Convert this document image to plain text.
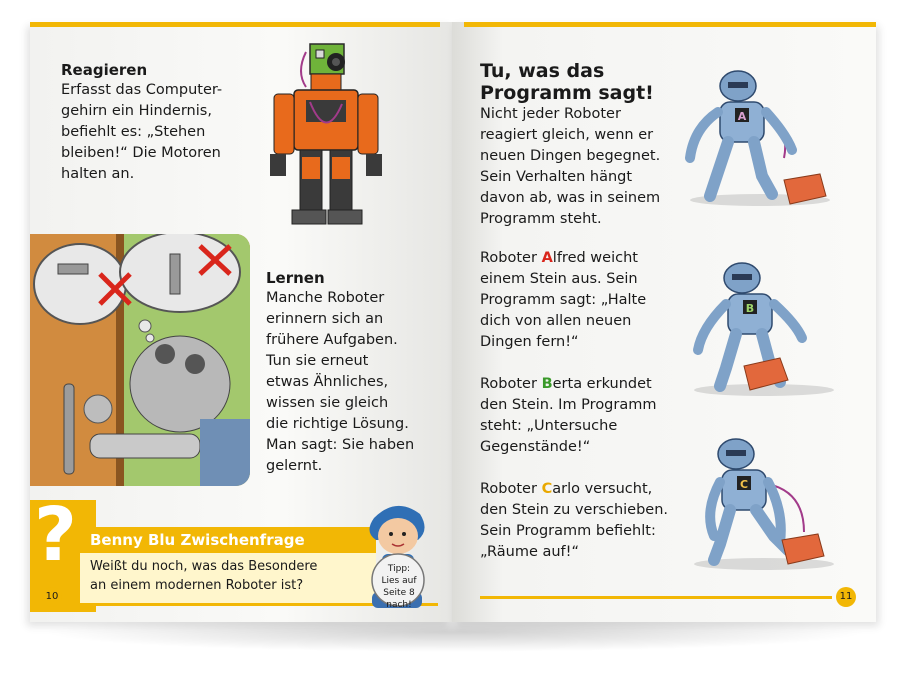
Reagieren
Erfasst das Computer-
gehirn ein Hindernis,
befiehlt es: „Stehen
bleiben!“ Die Motoren
halten an.
Lernen
Manche Roboter
erinnern sich an
frühere Aufgaben.
Tun sie erneut
etwas Ähnliches,
wissen sie gleich
die richtige Lösung.
Man sagt: Sie haben
gelernt.
? Benny Blu Zwischenfrage
Weißt du noch, was das Besondere
an einem modernen Roboter ist?
10
Tipp:
Lies auf
Seite 8
nach!
Tu, was das
Programm sagt!
Nicht jeder Roboter
reagiert gleich, wenn er
neuen Dingen begegnet.
Sein Verhalten hängt
davon ab, was in seinem
Programm steht.
Roboter Alfred weicht
einem Stein aus. Sein
Programm sagt: „Halte
dich von allen neuen
Dingen fern!“
Roboter Berta erkundet
den Stein. Im Programm
steht: „Untersuche
Gegenstände!“
Roboter Carlo versucht,
den Stein zu verschieben.
Sein Programm befiehlt:
„Räume auf!“
A
B
C
11
